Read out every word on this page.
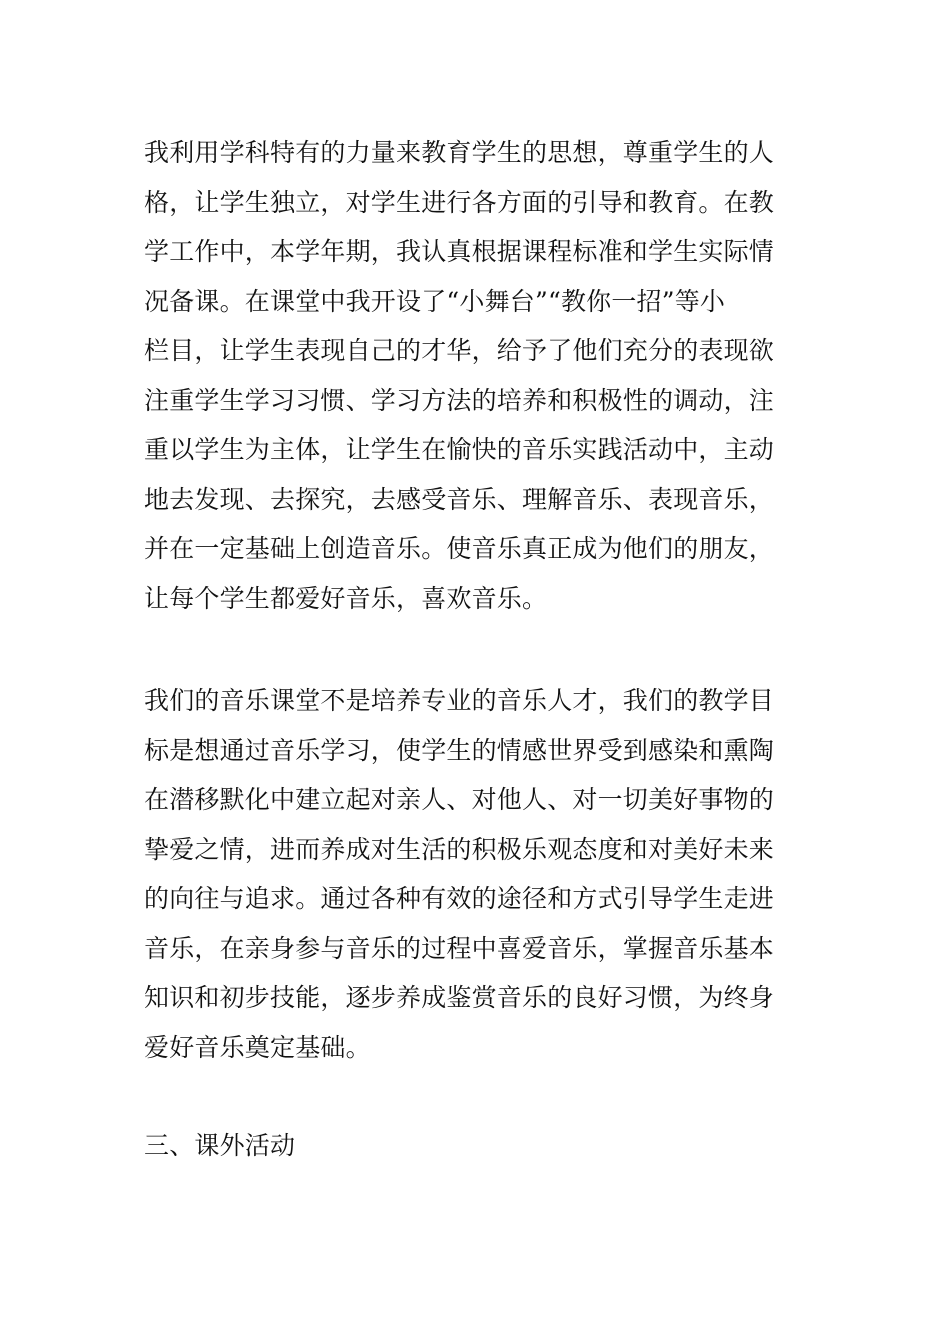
我利用学科特有的力量来教育学生的思想，尊重学生的人
格，让学生独立，对学生进行各方面的引导和教育。在教
学工作中，本学年期，我认真根据课程标准和学生实际情
况备课。在课堂中我开设了“小舞台”“教你一招”等小
栏目，让学生表现自己的才华，给予了他们充分的表现欲
注重学生学习习惯、学习方法的培养和积极性的调动，注
重以学生为主体，让学生在愉快的音乐实践活动中，主动
地去发现、去探究，去感受音乐、理解音乐、表现音乐，
并在一定基础上创造音乐。使音乐真正成为他们的朋友，
让每个学生都爱好音乐，喜欢音乐。
我们的音乐课堂不是培养专业的音乐人才，我们的教学目
标是想通过音乐学习，使学生的情感世界受到感染和熏陶
在潜移默化中建立起对亲人、对他人、对一切美好事物的
挚爱之情，进而养成对生活的积极乐观态度和对美好未来
的向往与追求。通过各种有效的途径和方式引导学生走进
音乐，在亲身参与音乐的过程中喜爱音乐，掌握音乐基本
知识和初步技能，逐步养成鉴赏音乐的良好习惯，为终身
爱好音乐奠定基础。
三、课外活动
